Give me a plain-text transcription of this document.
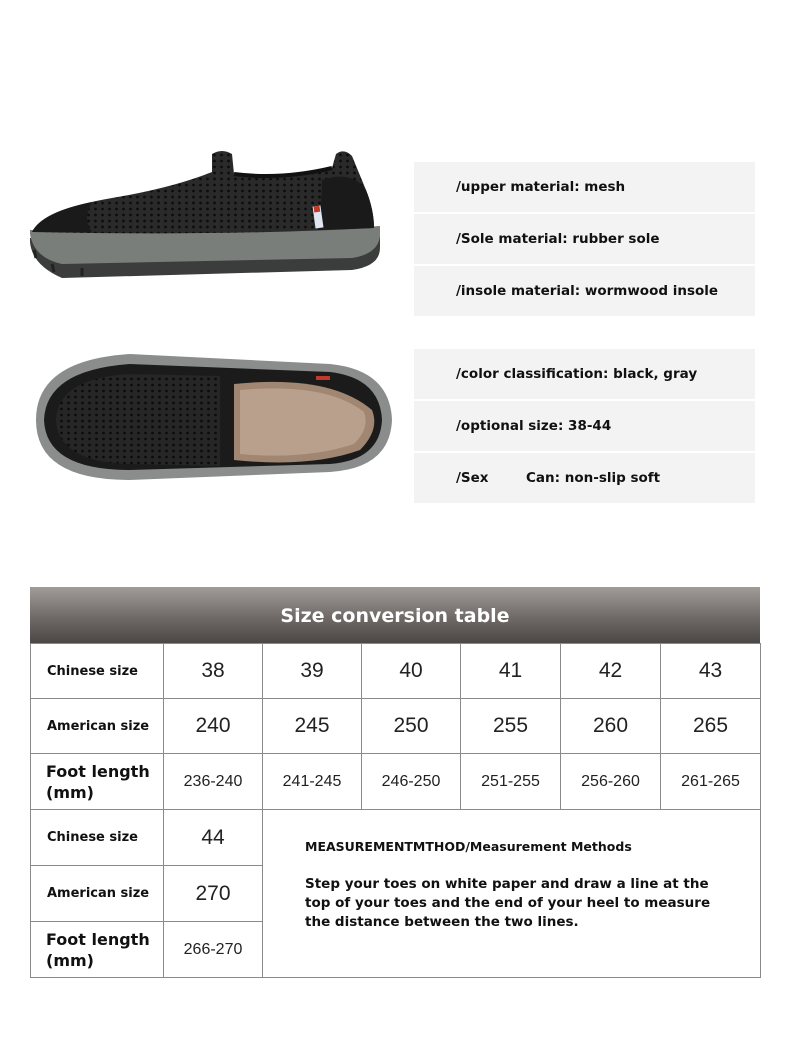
/upper material: mesh
/Sole material: rubber sole
/insole material: wormwood insole
/color classification: black, gray
/optional size: 38-44
/Sex	Can: non-slip soft
Size conversion table
Chinese size	38	39	40	41	42	43
American size	240	245	250	255	260	265
Foot length (mm)	236-240	241-245	246-250	251-255	256-260	261-265
Chinese size	44	MEASUREMENTMTHOD/Measurement Methods
Step your toes on white paper and draw a line at the top of your toes and the end of your heel to measure the distance between the two lines.

American size	270	
Foot length (mm)	266-270	
